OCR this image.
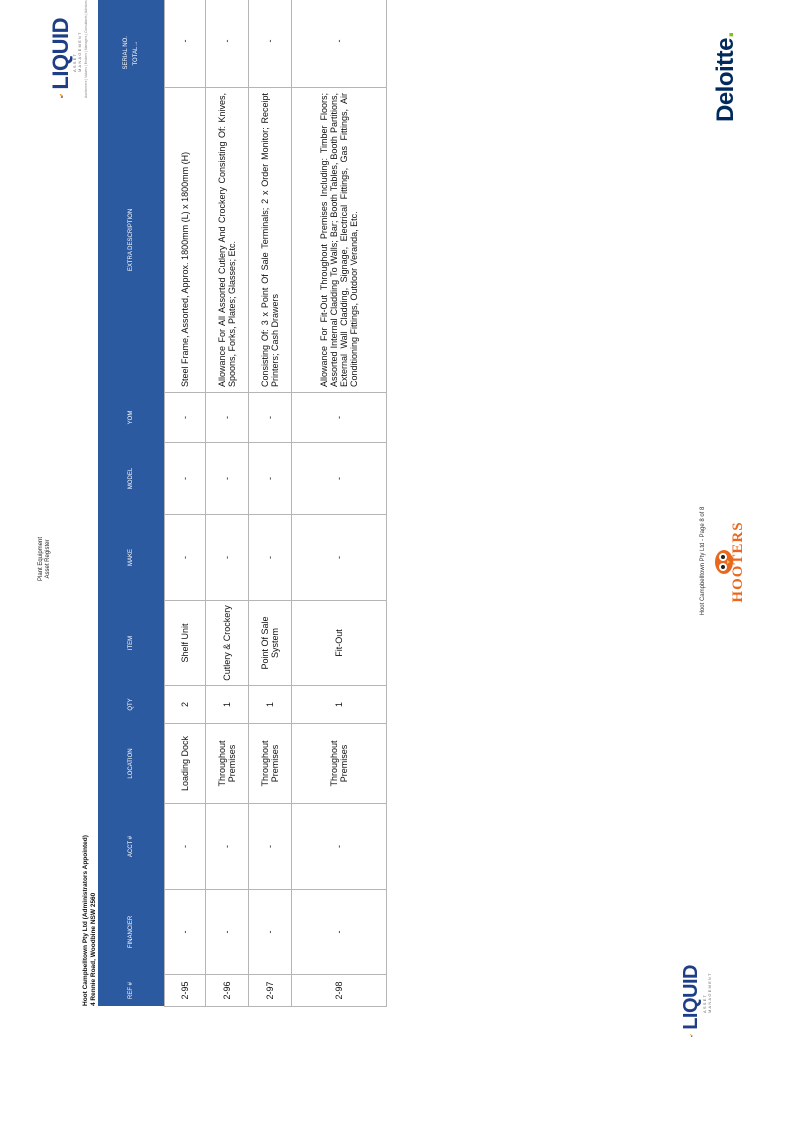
Plant Equipment Asset Register
LIQUID ASSET MANAGEMENT Auctioneers | Valuers | Brokers | Managers | Consultants | Advisors
Hoot Campbelltown Pty Ltd (Administrators Appointed) 4 Rennie Road, Woodbine NSW 2560	REF #	FINANCIER	ACCT #	LOCATION	QTY	ITEM	MAKE	MODEL	YOM	EXTRA DESCRIPTION	SERIAL NO. TOTAL→

2-95	-	-	Loading Dock	2	Shelf Unit	-	-	-	Steel Frame, Assorted, Approx. 1800mm (L) x 1800mm (H)	-
2-96	-	-	Throughout Premises	1	Cutlery & Crockery	-	-	-	Allowance For All Assorted Cutlery And Crockery Consisting Of: Knives, Spoons, Forks, Plates; Glasses; Etc.	-
2-97	-	-	Throughout Premises	1	Point Of Sale System	-	-	-	Consisting Of: 3 x Point Of Sale Terminals; 2 x Order Monitor; Receipt Printers; Cash Drawers	-
2-98	-	-	Throughout Premises	1	Fit-Out	-	-	-	Allowance For Fit-Out Throughout Premises Including: Timber Floors; Assorted Internal Cladding To Walls; Bar; Booth Tables, Booth Partitions, External Wall Cladding, Signage, Electrical Fittings, Gas Fittings, Air Conditioning Fittings, Outdoor Veranda, Etc.	-
LIQUID ASSET MANAGEMENT
Hoot Campbelltown Pty Ltd - Page 8 of 8 HOOTERS
Deloitte.
